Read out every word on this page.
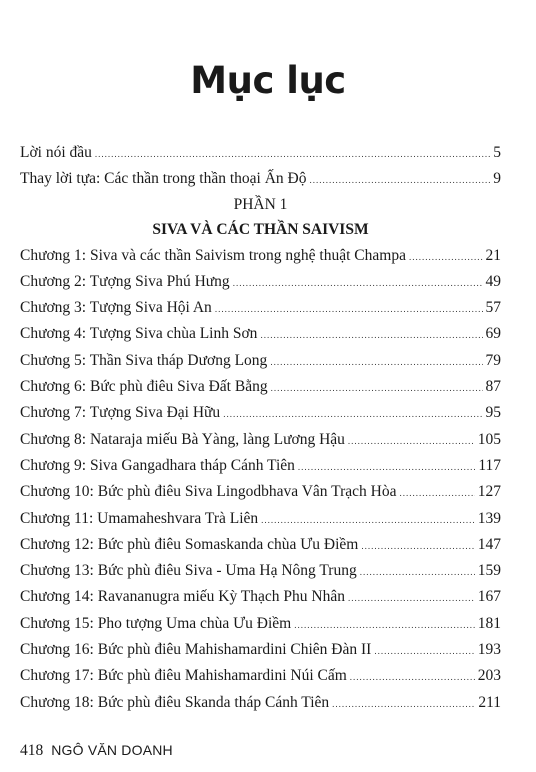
Mục lục
Lời nói đầu .....	5
Thay lời tựa: Các thần trong thần thoại Ấn Độ .....	9
PHẦN 1
SIVA VÀ CÁC THẦN SAIVISM
Chương 1: Siva và các thần Saivism trong nghệ thuật Champa .....	21
Chương 2: Tượng Siva Phú Hưng .....	49
Chương 3: Tượng Siva Hội An .....	57
Chương 4: Tượng Siva chùa Linh Sơn .....	69
Chương 5: Thần Siva tháp Dương Long .....	79
Chương 6: Bức phù điêu Siva Đất Bằng .....	87
Chương 7: Tượng Siva Đại Hữu .....	95
Chương 8: Nataraja miếu Bà Yàng, làng Lương Hậu .....	105
Chương 9: Siva Gangadhara tháp Cánh Tiên .....	117
Chương 10: Bức phù điêu Siva Lingodbhava Vân Trạch Hòa .....	127
Chương 11: Umamaheshvara Trà Liên .....	139
Chương 12: Bức phù điêu Somaskanda chùa Ưu Điềm .....	147
Chương 13: Bức phù điêu Siva - Uma Hạ Nông Trung .....	159
Chương 14: Ravananugra miếu Kỳ Thạch Phu Nhân .....	167
Chương 15: Pho tượng Uma chùa Ưu Điềm .....	181
Chương 16: Bức phù điêu Mahishamardini Chiên Đàn II .....	193
Chương 17: Bức phù điêu Mahishamardini Núi Cấm .....	203
Chương 18: Bức phù điêu Skanda tháp Cánh Tiên .....	211
418 NGÔ VĂN DOANH
